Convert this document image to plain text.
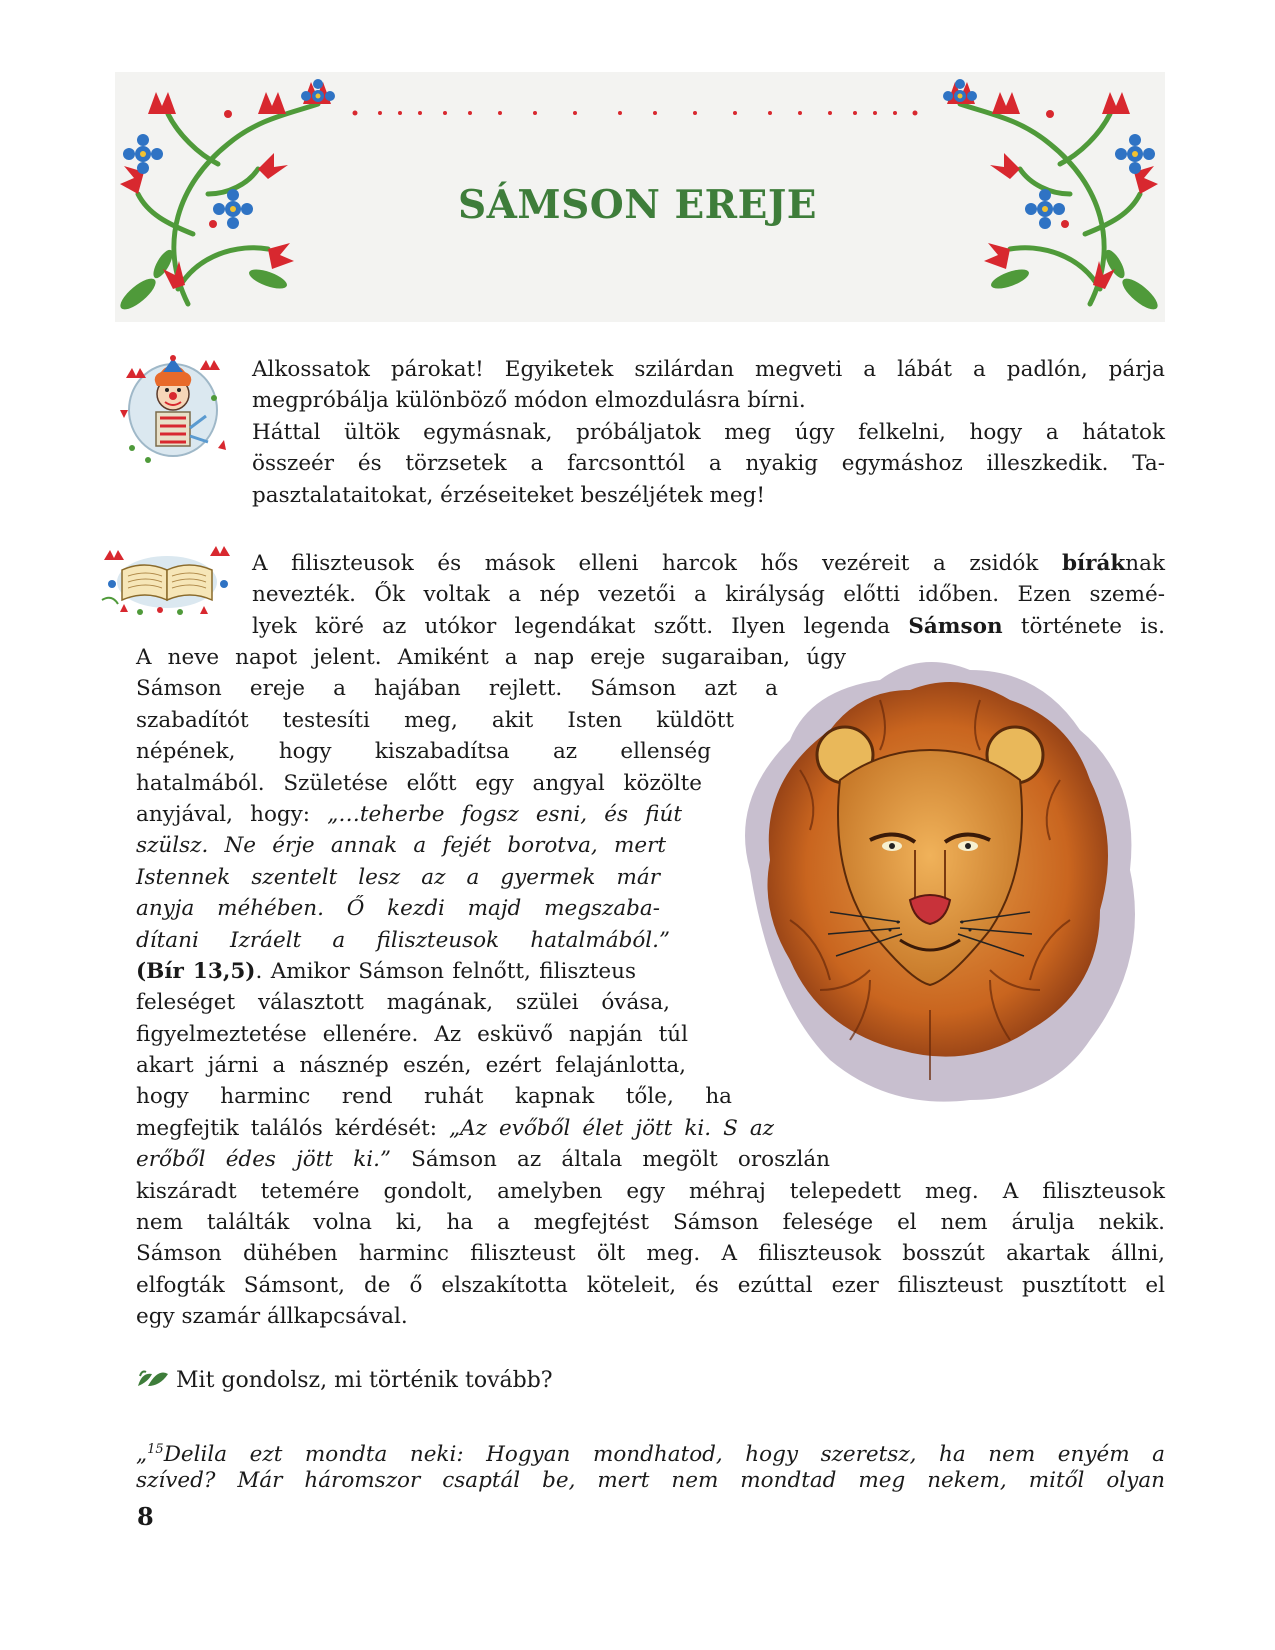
SÁMSON EREJE
Alkossatok párokat! Egyiketek szilárdan megveti a lábát a padlón, párja
megpróbálja különböző módon elmozdulásra bírni.
Háttal ültök egymásnak, próbáljatok meg úgy felkelni, hogy a hátatok
összeér és törzsetek a farcsonttól a nyakig egymáshoz illeszkedik. Ta-
pasztalataitokat, érzéseiteket beszéljétek meg!
A filiszteusok és mások elleni harcok hős vezéreit a zsidók bíráknak
nevezték. Ők voltak a nép vezetői a királyság előtti időben. Ezen szemé-
lyek köré az utókor legendákat szőtt. Ilyen legenda Sámson története is.
A neve napot jelent. Amiként a nap ereje sugaraiban, úgy
Sámson ereje a hajában rejlett. Sámson azt a
szabadítót testesíti meg, akit Isten küldött
népének, hogy kiszabadítsa az ellenség
hatalmából. Születése előtt egy angyal közölte
anyjával, hogy: „…teherbe fogsz esni, és fiút
szülsz. Ne érje annak a fejét borotva, mert
Istennek szentelt lesz az a gyermek már
anyja méhében. Ő kezdi majd megszaba-
dítani Izráelt a filiszteusok hatalmából.”
(Bír 13,5). Amikor Sámson felnőtt, filiszteus
feleséget választott magának, szülei óvása,
figyelmeztetése ellenére. Az esküvő napján túl
akart járni a násznép eszén, ezért felajánlotta,
hogy harminc rend ruhát kapnak tőle, ha
megfejtik találós kérdését: „Az evőből élet jött ki. S az
erőből édes jött ki.” Sámson az általa megölt oroszlán
kiszáradt tetemére gondolt, amelyben egy méhraj telepedett meg. A filiszteusok
nem találták volna ki, ha a megfejtést Sámson felesége el nem árulja nekik.
Sámson dühében harminc filiszteust ölt meg. A filiszteusok bosszút akartak állni,
elfogták Sámsont, de ő elszakította köteleit, és ezúttal ezer filiszteust pusztított el
egy szamár állkapcsával.
Mit gondolsz, mi történik tovább?
„$^{15}$Delila ezt mondta neki: Hogyan mondhatod, hogy szeretsz, ha nem enyém a
szíved? Már háromszor csaptál be, mert nem mondtad meg nekem, mitől olyan
8
